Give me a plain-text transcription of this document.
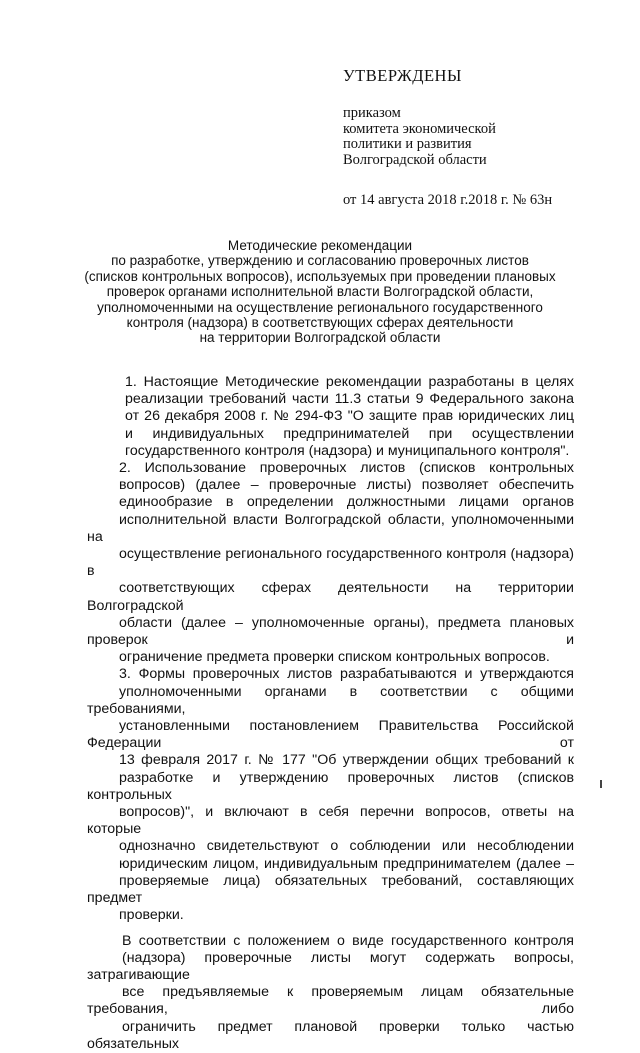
УТВЕРЖДЕНЫ
приказом
комитета экономической
политики и развития
Волгоградской области
от 14 августа 2018 г.2018 г. № 63н
Методические рекомендации
по разработке, утверждению и согласованию проверочных листов
(списков контрольных вопросов), используемых при проведении плановых
проверок органами исполнительной власти Волгоградской области,
уполномоченными на осуществление регионального государственного
контроля (надзора) в соответствующих сферах деятельности
на территории Волгоградской области
1. Настоящие Методические рекомендации разработаны в целях
реализации требований части 11.3 статьи 9 Федерального закона
от 26 декабря 2008 г. № 294-ФЗ "О защите прав юридических лиц
и индивидуальных предпринимателей при осуществлении
государственного контроля (надзора) и муниципального контроля".
2. Использование проверочных листов (списков контрольных
вопросов) (далее – проверочные листы) позволяет обеспечить
единообразие в определении должностными лицами органов
исполнительной власти Волгоградской области, уполномоченными на
осуществление регионального государственного контроля (надзора) в
соответствующих сферах деятельности на территории Волгоградской
области (далее – уполномоченные органы), предмета плановых проверок и
ограничение предмета проверки списком контрольных вопросов.
3. Формы проверочных листов разрабатываются и утверждаются
уполномоченными органами в соответствии с общими требованиями,
установленными постановлением Правительства Российской Федерации от
13 февраля 2017 г. № 177 "Об утверждении общих требований к
разработке и утверждению проверочных листов (списков контрольных
вопросов)", и включают в себя перечни вопросов, ответы на которые
однозначно свидетельствуют о соблюдении или несоблюдении
юридическим лицом, индивидуальным предпринимателем (далее –
проверяемые лица) обязательных требований, составляющих предмет
проверки.
В соответствии с положением о виде государственного контроля
(надзора) проверочные листы могут содержать вопросы, затрагивающие
все предъявляемые к проверяемым лицам обязательные требования, либо
ограничить предмет плановой проверки только частью обязательных
